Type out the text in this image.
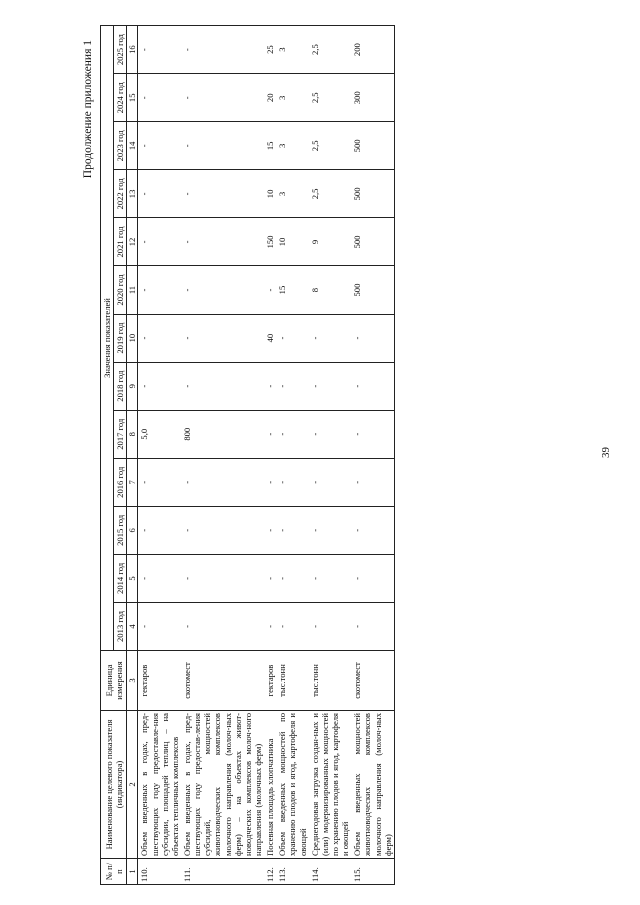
39
Продолжение приложения 1
№ п/п	Наименование целевого показателя (индикатора)	Единица измерения	Значения показателей												
			2013 год	2014 год	2015 год	2016 год	2017 год	2018 год	2019 год	2020 год	2021 год	2022 год	2023 год	2024 год	2025 год
1	2	3	4	5	6	7	8	9	10	11	12	13	14	15	16
110.	Объем введенных в годах, пред-шествующих году предоставле-ния субсидии, площадей теплиц – на объектах тепличных комплексов	гектаров	-	-	-	-	5,0	-	-	-	-	-	-	-	-
111.	Объем введенных в годах, пред-шествующих году предостав-ления субсидий, мощностей животноводческих комплексов молочного направления (молоч-ных ферм) – на объектах живот-новодческих комплексов молоч-ного направления (молочных ферм)	скотомест	-	-	-	-	800	-	-	-	-	-	-	-	-
112.	Посевная площадь хлопчатника	гектаров	-	-	-	-	-	-	40	-	150	10	15	20	25
113.	Объем введенных мощностей по хранению плодов и ягод, картофеля и овощей	тыс.тонн	-	-	-	-	-	-	-	15	10	3	3	3	3
114.	Среднегодовая загрузка создан-ных и (или) модернизированных мощностей по хранению плодов и ягод, картофеля и овощей	тыс.тонн	-	-	-	-	-	-	-	8	9	2,5	2,5	2,5	2,5
115.	Объем введенных мощностей животноводческих комплексов молочного направления (молоч-ных ферм)	скотомест	-	-	-	-	-	-	-	500	500	500	500	300	200
